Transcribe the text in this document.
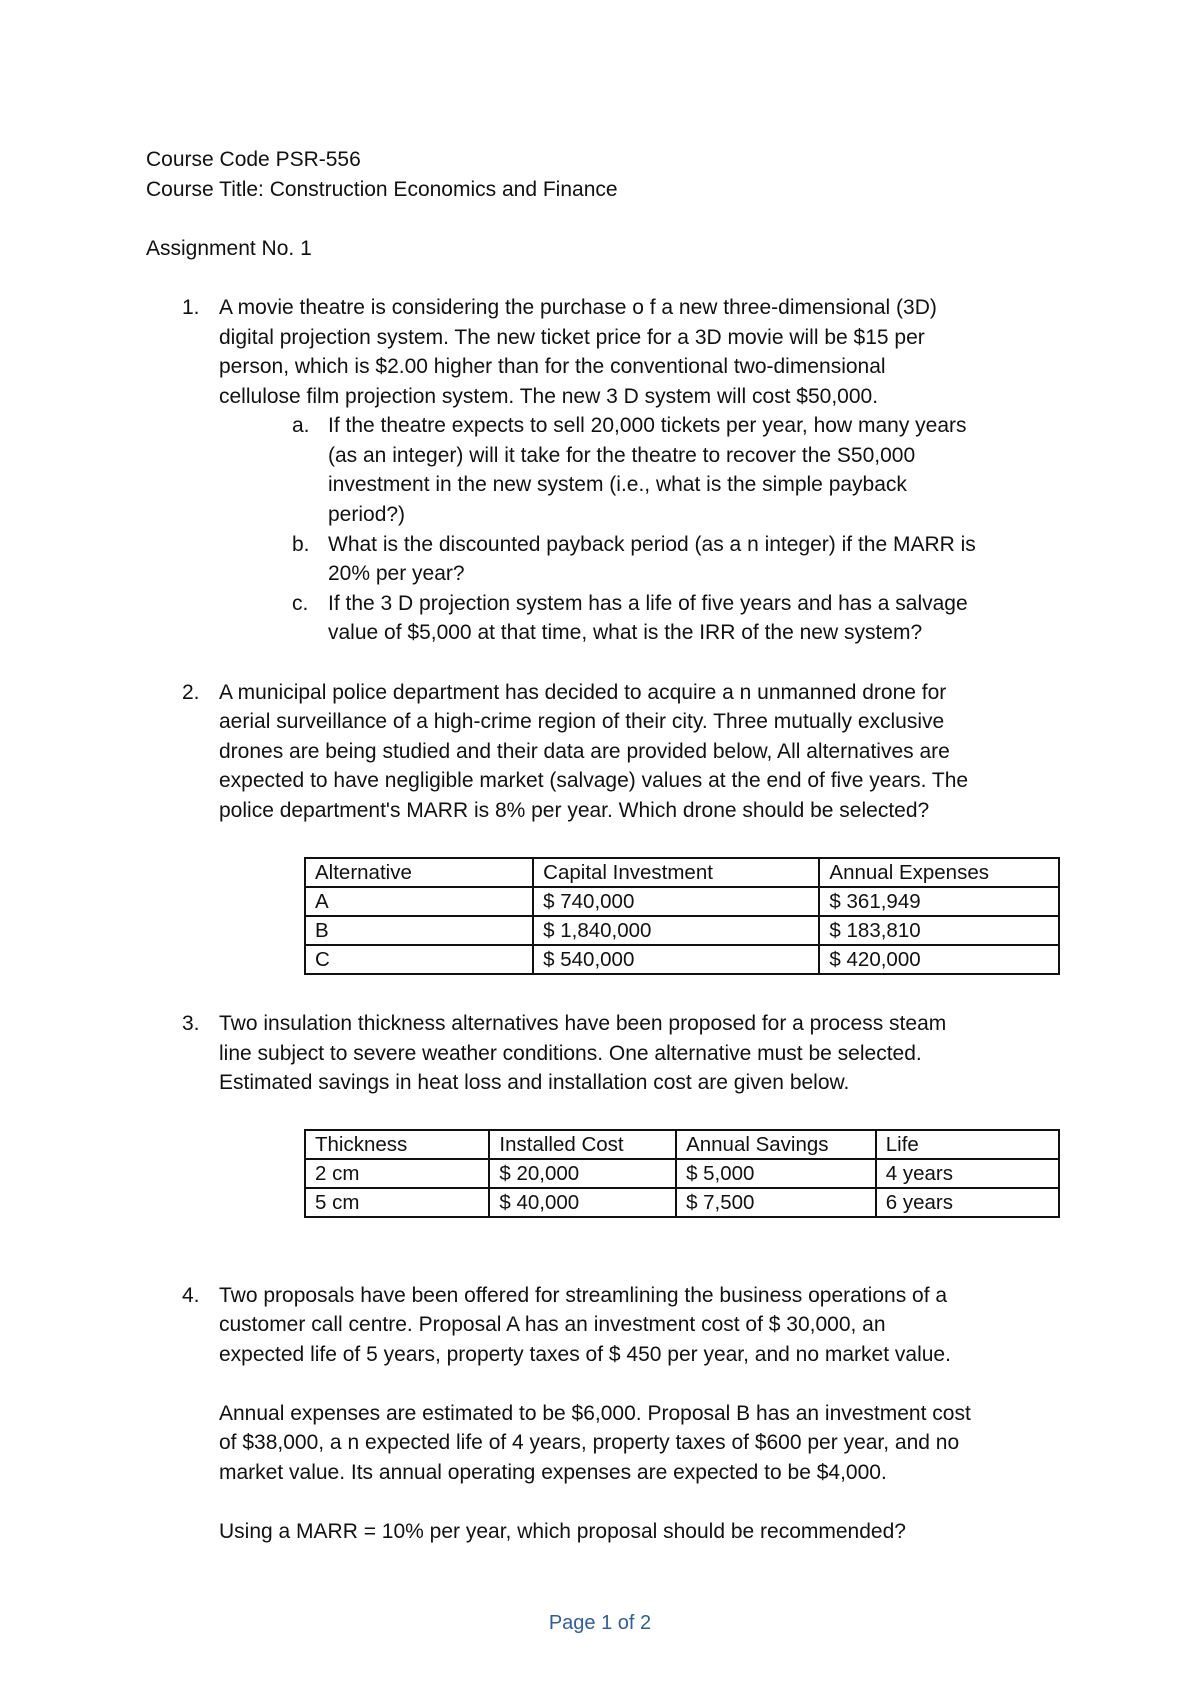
Course Code PSR-556
Course Title: Construction Economics and Finance
Assignment No. 1
1. A movie theatre is considering the purchase o f a new three-dimensional (3D)
digital projection system. The new ticket price for a 3D movie will be $15 per
person, which is $2.00 higher than for the conventional two-dimensional
cellulose film projection system. The new 3 D system will cost $50,000.
a. If the theatre expects to sell 20,000 tickets per year, how many years
(as an integer) will it take for the theatre to recover the S50,000
investment in the new system (i.e., what is the simple payback
period?)
b. What is the discounted payback period (as a n integer) if the MARR is
20% per year?
c. If the 3 D projection system has a life of five years and has a salvage
value of $5,000 at that time, what is the IRR of the new system?
2. A municipal police department has decided to acquire a n unmanned drone for
aerial surveillance of a high-crime region of their city. Three mutually exclusive
drones are being studied and their data are provided below, All alternatives are
expected to have negligible market (salvage) values at the end of five years. The
police department's MARR is 8% per year. Which drone should be selected?
Alternative	Capital Investment	Annual Expenses
A	$ 740,000	$ 361,949
B	$ 1,840,000	$ 183,810
C	$ 540,000	$ 420,000
3. Two insulation thickness alternatives have been proposed for a process steam
line subject to severe weather conditions. One alternative must be selected.
Estimated savings in heat loss and installation cost are given below.
Thickness	Installed Cost	Annual Savings	Life
2 cm	$ 20,000	$ 5,000	4 years
5 cm	$ 40,000	$ 7,500	6 years
4. Two proposals have been offered for streamlining the business operations of a
customer call centre. Proposal A has an investment cost of $ 30,000, an
expected life of 5 years, property taxes of $ 450 per year, and no market value.
Annual expenses are estimated to be $6,000. Proposal B has an investment cost
of $38,000, a n expected life of 4 years, property taxes of $600 per year, and no
market value. Its annual operating expenses are expected to be $4,000.
Using a MARR = 10% per year, which proposal should be recommended?
Page 1 of 2
